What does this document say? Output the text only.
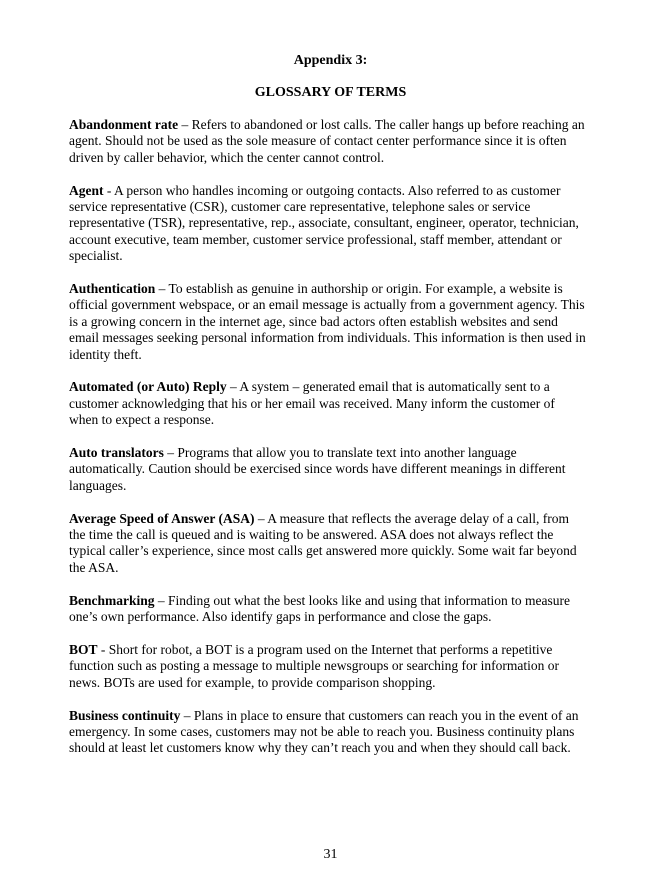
Appendix 3:
GLOSSARY OF TERMS

Abandonment rate – Refers to abandoned or lost calls. The caller hangs up before reaching an agent. Should not be used as the sole measure of contact center performance since it is often driven by caller behavior, which the center cannot control.

Agent - A person who handles incoming or outgoing contacts. Also referred to as customer service representative (CSR), customer care representative, telephone sales or service representative (TSR), representative, rep., associate, consultant, engineer, operator, technician, account executive, team member, customer service professional, staff member, attendant or specialist.

Authentication – To establish as genuine in authorship or origin. For example, a website is official government webspace, or an email message is actually from a government agency. This is a growing concern in the internet age, since bad actors often establish websites and send email messages seeking personal information from individuals. This information is then used in identity theft.

Automated (or Auto) Reply – A system – generated email that is automatically sent to a customer acknowledging that his or her email was received. Many inform the customer of when to expect a response.

Auto translators – Programs that allow you to translate text into another language automatically. Caution should be exercised since words have different meanings in different languages.

Average Speed of Answer (ASA) – A measure that reflects the average delay of a call, from the time the call is queued and is waiting to be answered. ASA does not always reflect the typical caller’s experience, since most calls get answered more quickly. Some wait far beyond the ASA.

Benchmarking – Finding out what the best looks like and using that information to measure one’s own performance. Also identify gaps in performance and close the gaps.

BOT - Short for robot, a BOT is a program used on the Internet that performs a repetitive function such as posting a message to multiple newsgroups or searching for information or news. BOTs are used for example, to provide comparison shopping.

Business continuity – Plans in place to ensure that customers can reach you in the event of an emergency. In some cases, customers may not be able to reach you. Business continuity plans should at least let customers know why they can’t reach you and when they should call back.

31
